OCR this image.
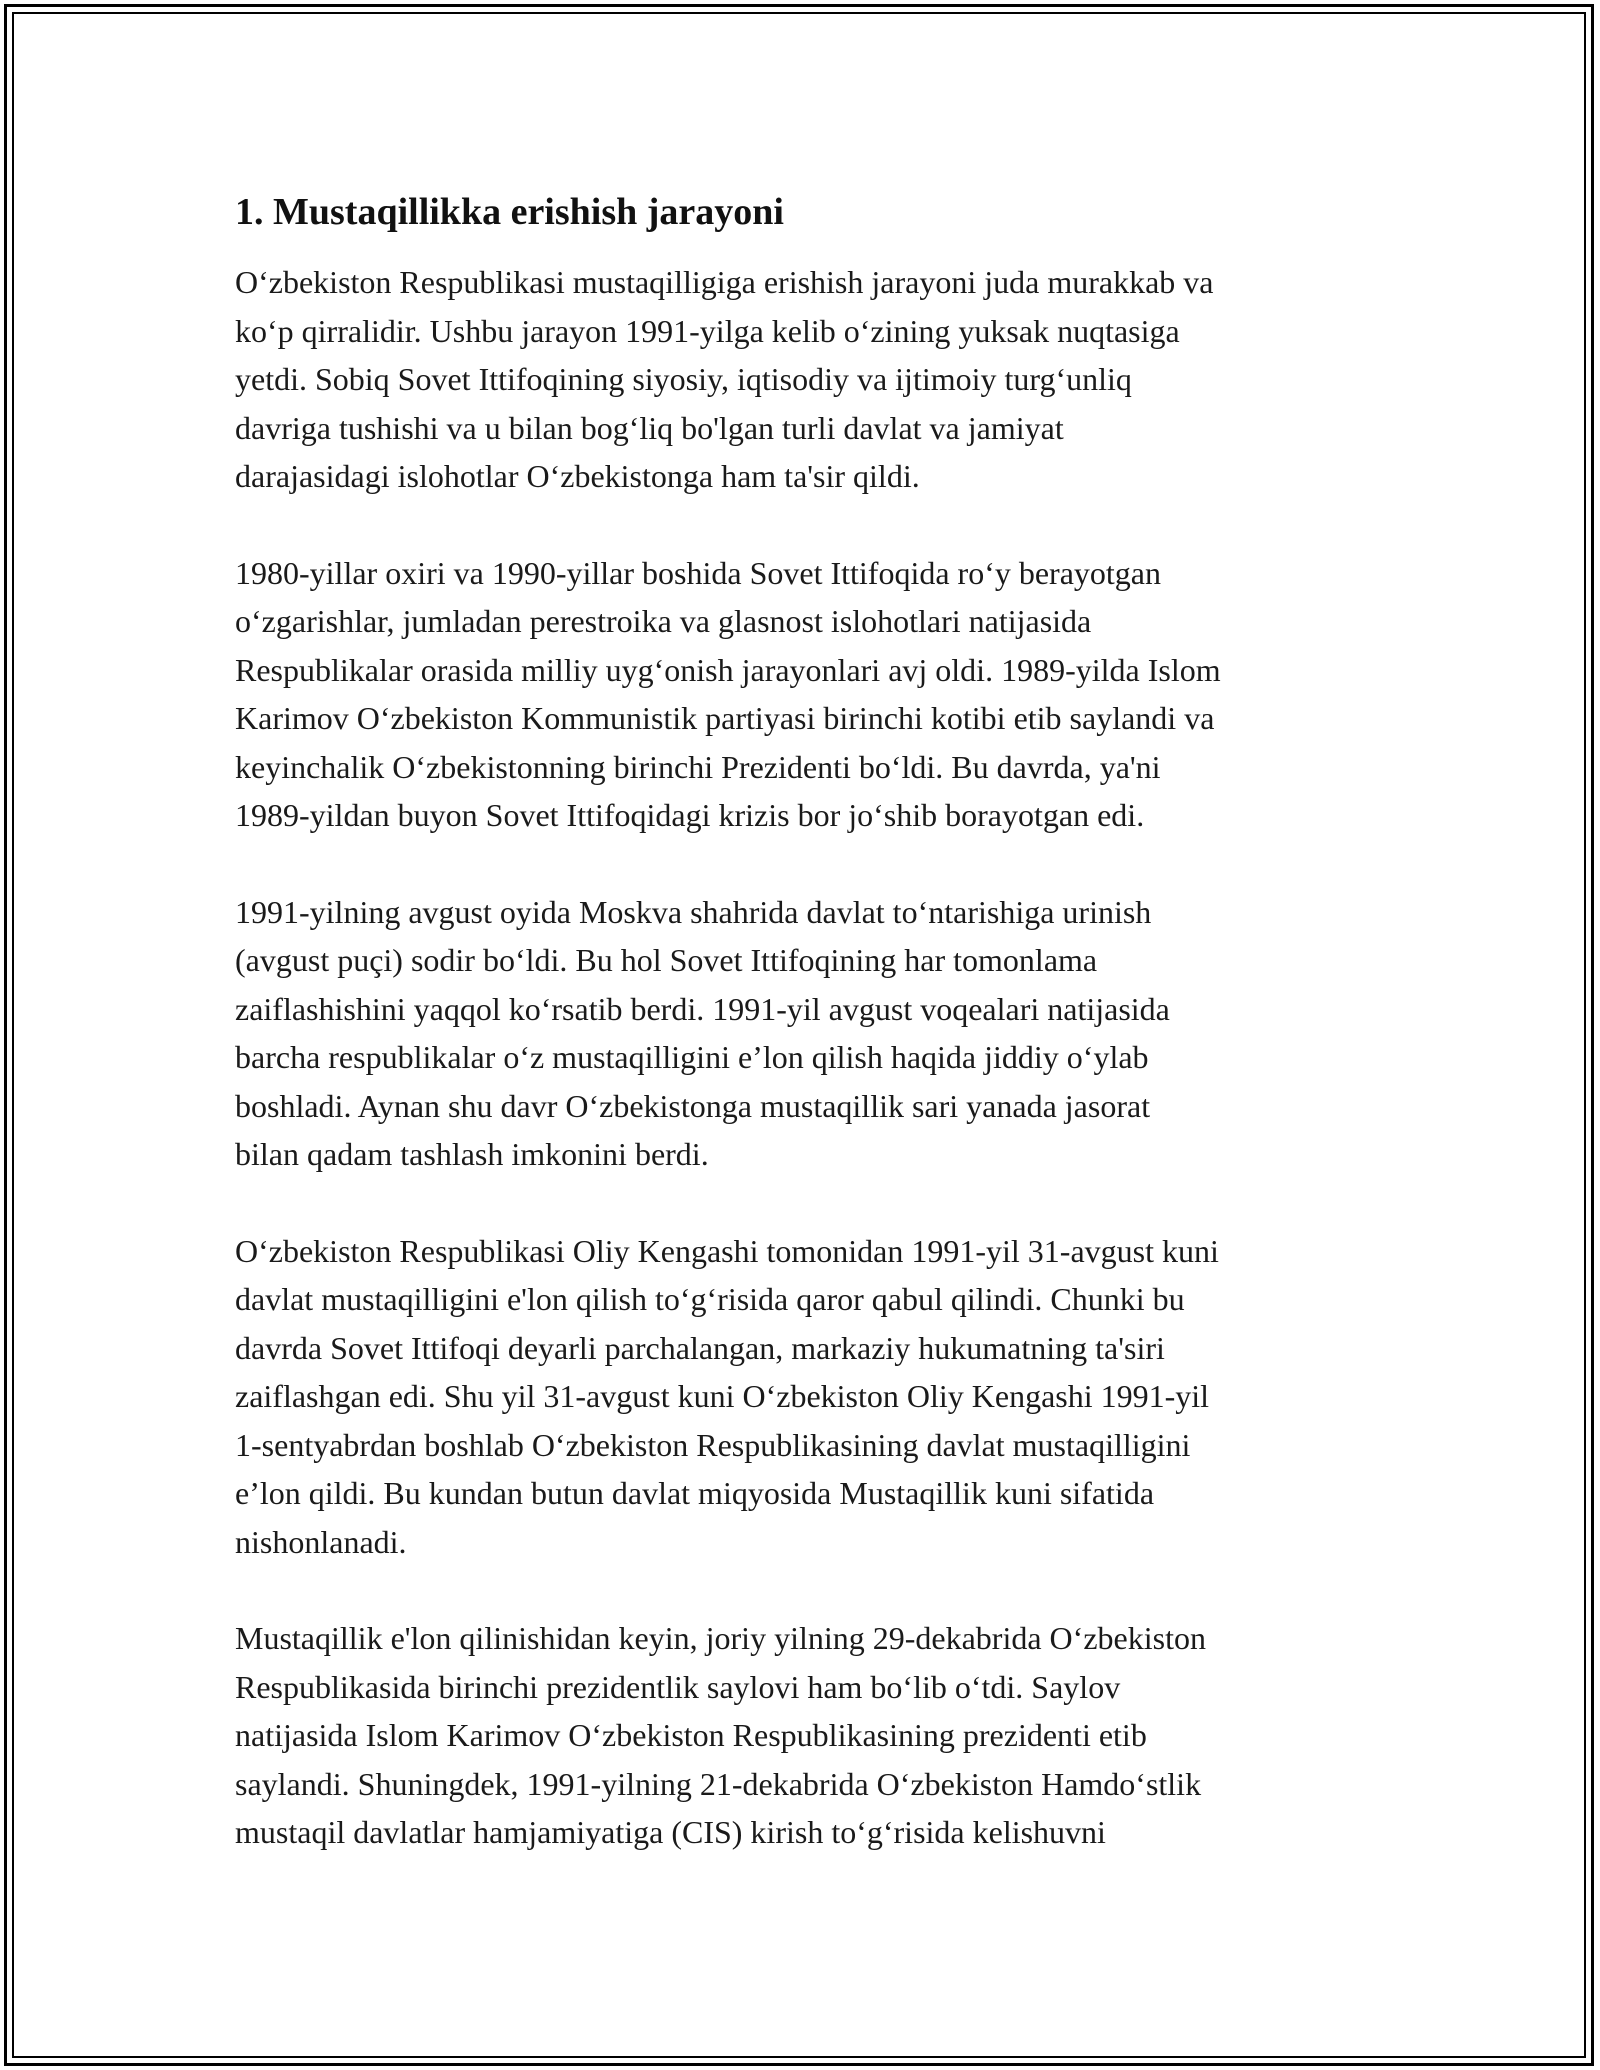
1. Mustaqillikka erishish jarayoni

O‘zbekiston Respublikasi mustaqilligiga erishish jarayoni juda murakkab va
ko‘p qirralidir. Ushbu jarayon 1991-yilga kelib o‘zining yuksak nuqtasiga
yetdi. Sobiq Sovet Ittifoqining siyosiy, iqtisodiy va ijtimoiy turg‘unliq
davriga tushishi va u bilan bog‘liq bo'lgan turli davlat va jamiyat
darajasidagi islohotlar O‘zbekistonga ham ta'sir qildi.

1980-yillar oxiri va 1990-yillar boshida Sovet Ittifoqida ro‘y berayotgan
o‘zgarishlar, jumladan perestroika va glasnost islohotlari natijasida
Respublikalar orasida milliy uyg‘onish jarayonlari avj oldi. 1989-yilda Islom
Karimov O‘zbekiston Kommunistik partiyasi birinchi kotibi etib saylandi va
keyinchalik O‘zbekistonning birinchi Prezidenti bo‘ldi. Bu davrda, ya'ni
1989-yildan buyon Sovet Ittifoqidagi krizis bor jo‘shib borayotgan edi.

1991-yilning avgust oyida Moskva shahrida davlat to‘ntarishiga urinish
(avgust puçi) sodir bo‘ldi. Bu hol Sovet Ittifoqining har tomonlama
zaiflashishini yaqqol ko‘rsatib berdi. 1991-yil avgust voqealari natijasida
barcha respublikalar o‘z mustaqilligini e’lon qilish haqida jiddiy o‘ylab
boshladi. Aynan shu davr O‘zbekistonga mustaqillik sari yanada jasorat
bilan qadam tashlash imkonini berdi.

O‘zbekiston Respublikasi Oliy Kengashi tomonidan 1991-yil 31-avgust kuni
davlat mustaqilligini e'lon qilish to‘g‘risida qaror qabul qilindi. Chunki bu
davrda Sovet Ittifoqi deyarli parchalangan, markaziy hukumatning ta'siri
zaiflashgan edi. Shu yil 31-avgust kuni O‘zbekiston Oliy Kengashi 1991-yil
1-sentyabrdan boshlab O‘zbekiston Respublikasining davlat mustaqilligini
e’lon qildi. Bu kundan butun davlat miqyosida Mustaqillik kuni sifatida
nishonlanadi.

Mustaqillik e'lon qilinishidan keyin, joriy yilning 29-dekabrida O‘zbekiston
Respublikasida birinchi prezidentlik saylovi ham bo‘lib o‘tdi. Saylov
natijasida Islom Karimov O‘zbekiston Respublikasining prezidenti etib
saylandi. Shuningdek, 1991-yilning 21-dekabrida O‘zbekiston Hamdo‘stlik
mustaqil davlatlar hamjamiyatiga (CIS) kirish to‘g‘risida kelishuvni
